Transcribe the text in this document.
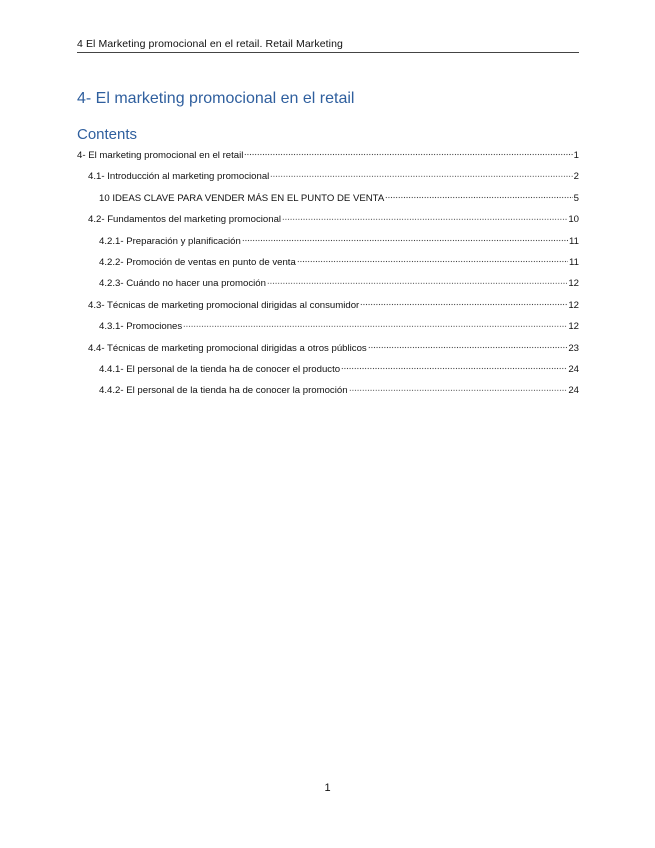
4 El Marketing promocional en el retail. Retail Marketing
4- El marketing promocional en el retail
Contents
4- El marketing promocional en el retail	1
4.1- Introducción al marketing promocional	2
10 IDEAS CLAVE PARA VENDER MÁS EN EL PUNTO DE VENTA	5
4.2- Fundamentos del marketing promocional	10
4.2.1- Preparación y planificación	11
4.2.2- Promoción de ventas en punto de venta	11
4.2.3- Cuándo no hacer una promoción	12
4.3- Técnicas de marketing promocional dirigidas al consumidor	12
4.3.1- Promociones	12
4.4- Técnicas de marketing promocional dirigidas a otros públicos	23
4.4.1- El personal de la tienda ha de conocer el producto	24
4.4.2- El personal de la tienda ha de conocer la promoción	24
1
